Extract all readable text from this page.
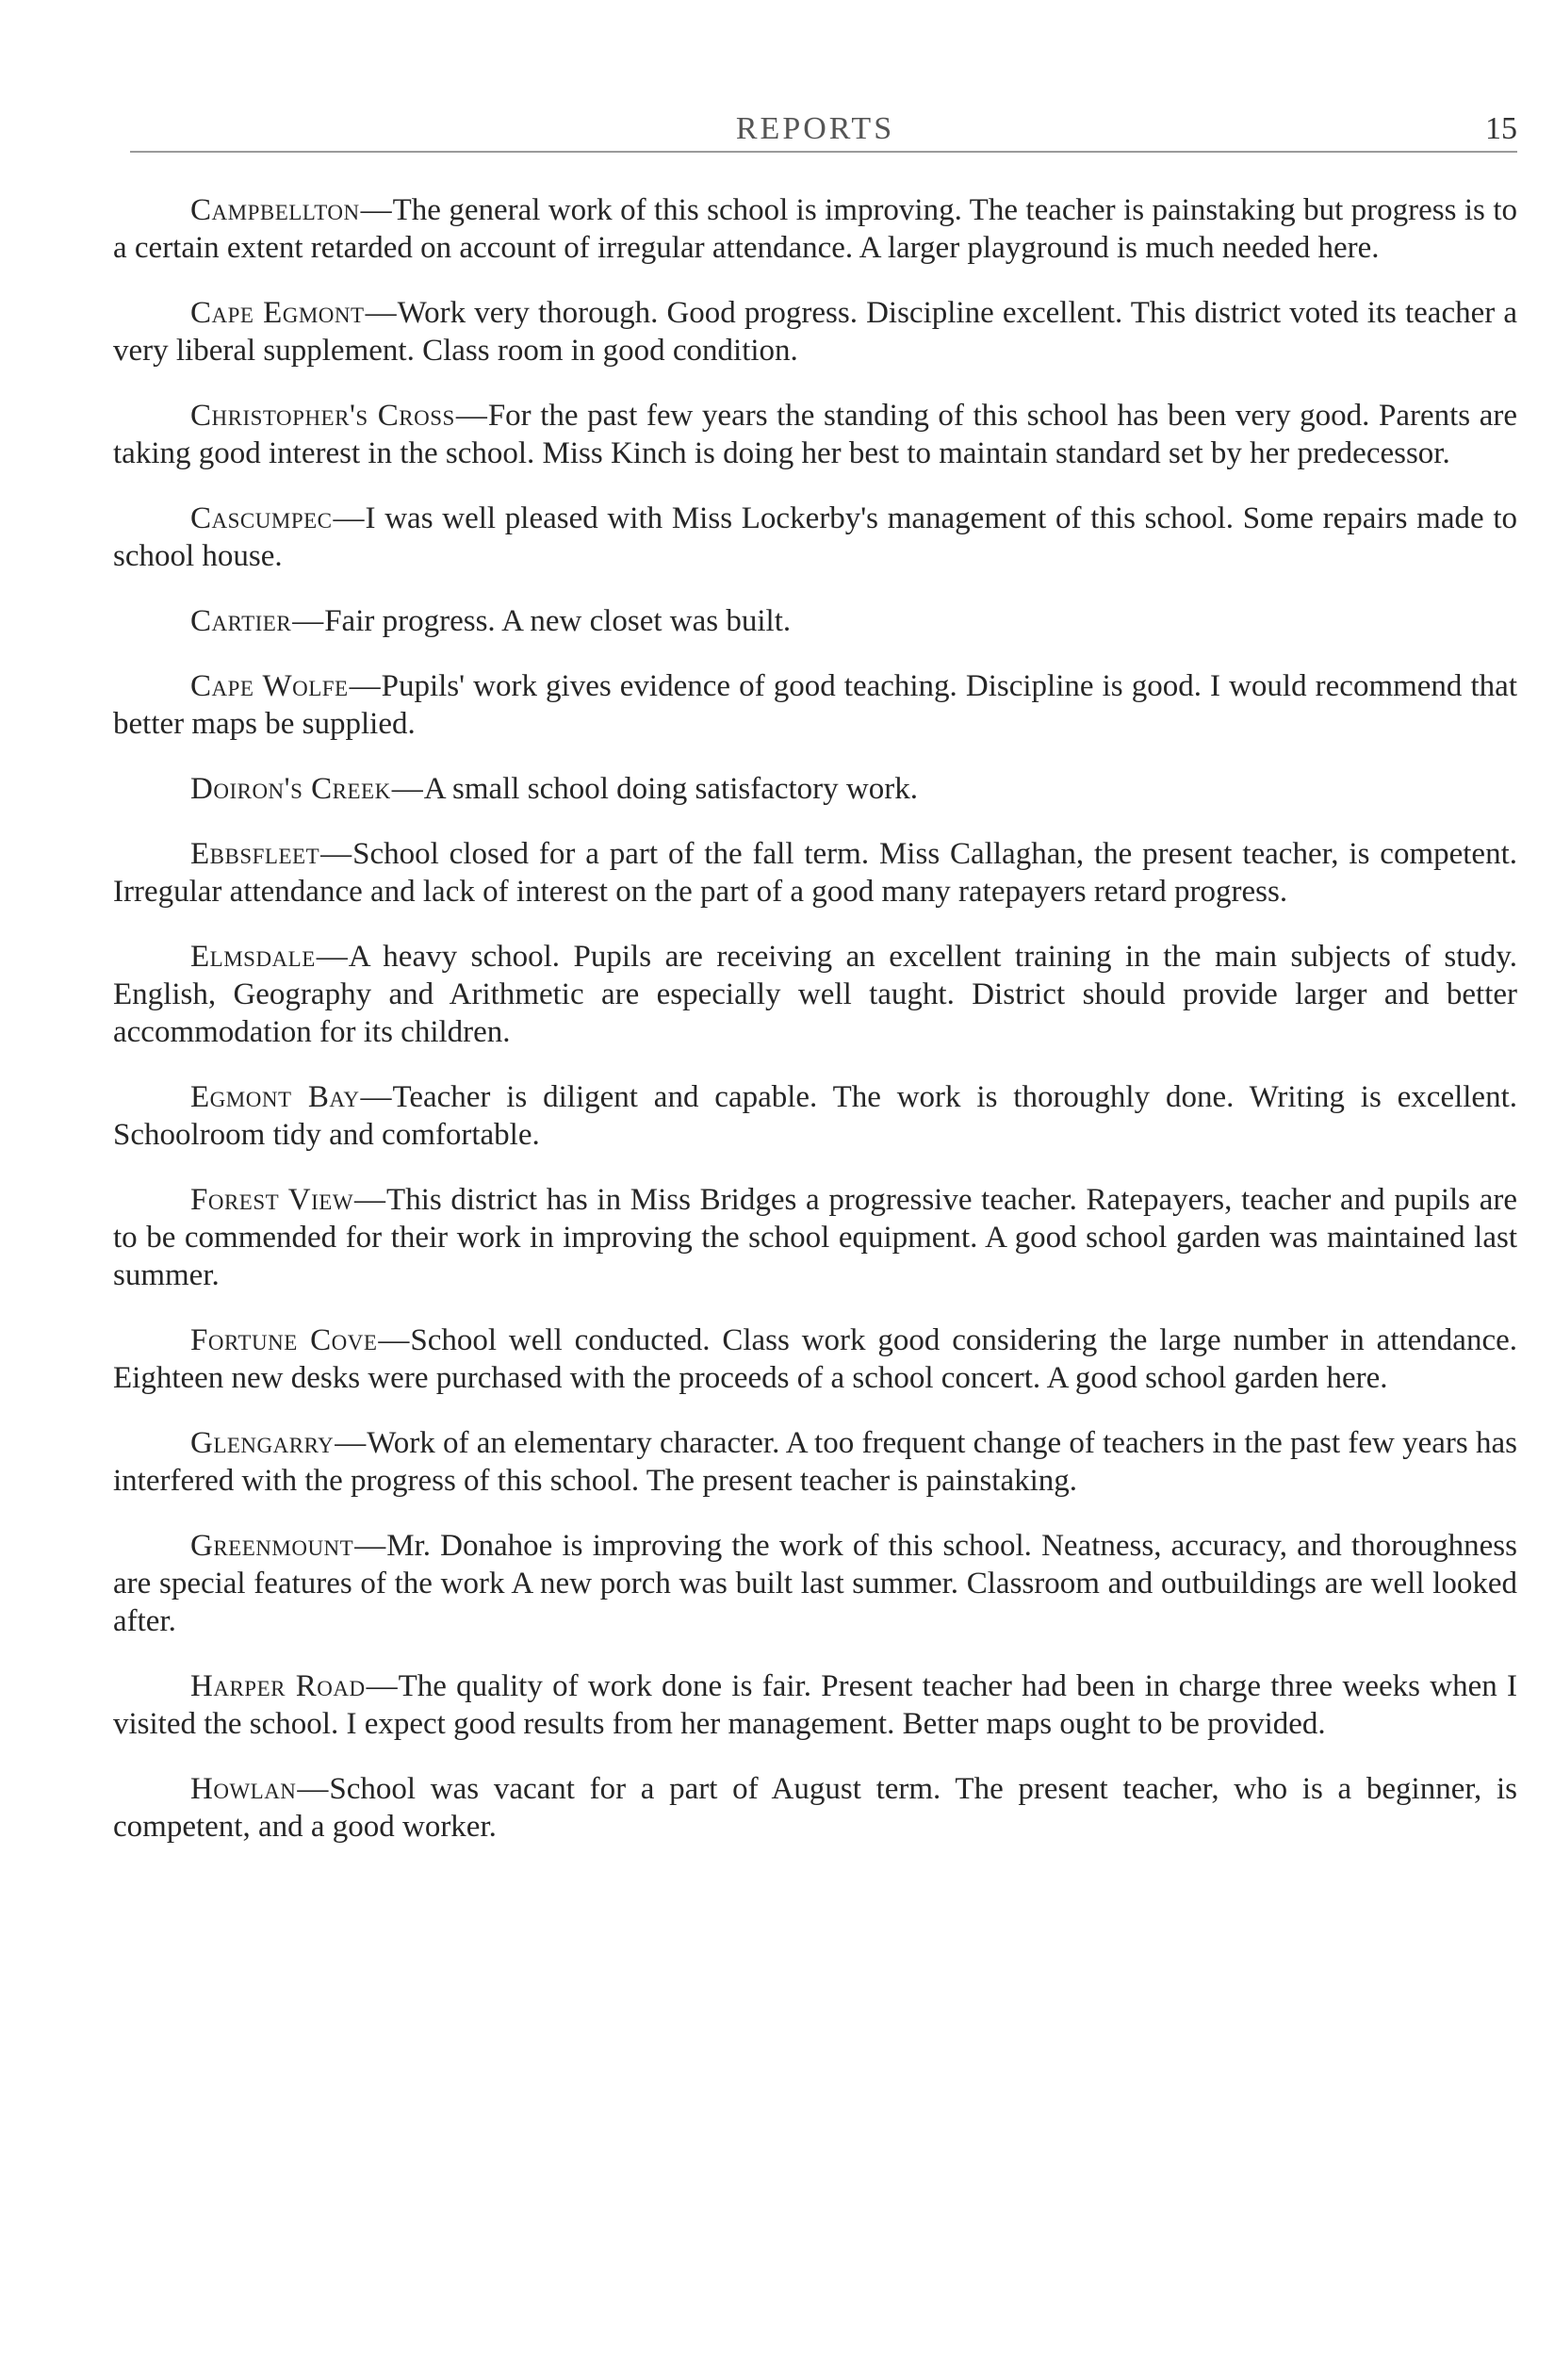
REPORTS	15

Campbellton—The general work of this school is improving. The teacher is painstaking but progress is to a certain extent retarded on account of irregular attendance. A larger playground is much needed here.

Cape Egmont—Work very thorough. Good progress. Discipline excellent. This district voted its teacher a very liberal supplement. Class room in good condition.

Christopher's Cross—For the past few years the standing of this school has been very good. Parents are taking good interest in the school. Miss Kinch is doing her best to maintain standard set by her predecessor.

Cascumpec—I was well pleased with Miss Lockerby's management of this school. Some repairs made to school house.

Cartier—Fair progress. A new closet was built.

Cape Wolfe—Pupils' work gives evidence of good teaching. Discipline is good. I would recommend that better maps be supplied.

Doiron's Creek—A small school doing satisfactory work.

Ebbsfleet—School closed for a part of the fall term. Miss Callaghan, the present teacher, is competent. Irregular attendance and lack of interest on the part of a good many ratepayers retard progress.

Elmsdale—A heavy school. Pupils are receiving an excellent training in the main subjects of study. English, Geography and Arithmetic are especially well taught. District should provide larger and better accommodation for its children.

Egmont Bay—Teacher is diligent and capable. The work is thoroughly done. Writing is excellent. Schoolroom tidy and comfortable.

Forest View—This district has in Miss Bridges a progressive teacher. Ratepayers, teacher and pupils are to be commended for their work in improving the school equipment. A good school garden was maintained last summer.

Fortune Cove—School well conducted. Class work good considering the large number in attendance. Eighteen new desks were purchased with the proceeds of a school concert. A good school garden here.

Glengarry—Work of an elementary character. A too frequent change of teachers in the past few years has interfered with the progress of this school. The present teacher is painstaking.

Greenmount—Mr. Donahoe is improving the work of this school. Neatness, accuracy, and thoroughness are special features of the work A new porch was built last summer. Classroom and outbuildings are well looked after.

Harper Road—The quality of work done is fair. Present teacher had been in charge three weeks when I visited the school. I expect good results from her management. Better maps ought to be provided.

Howlan—School was vacant for a part of August term. The present teacher, who is a beginner, is competent, and a good worker.
